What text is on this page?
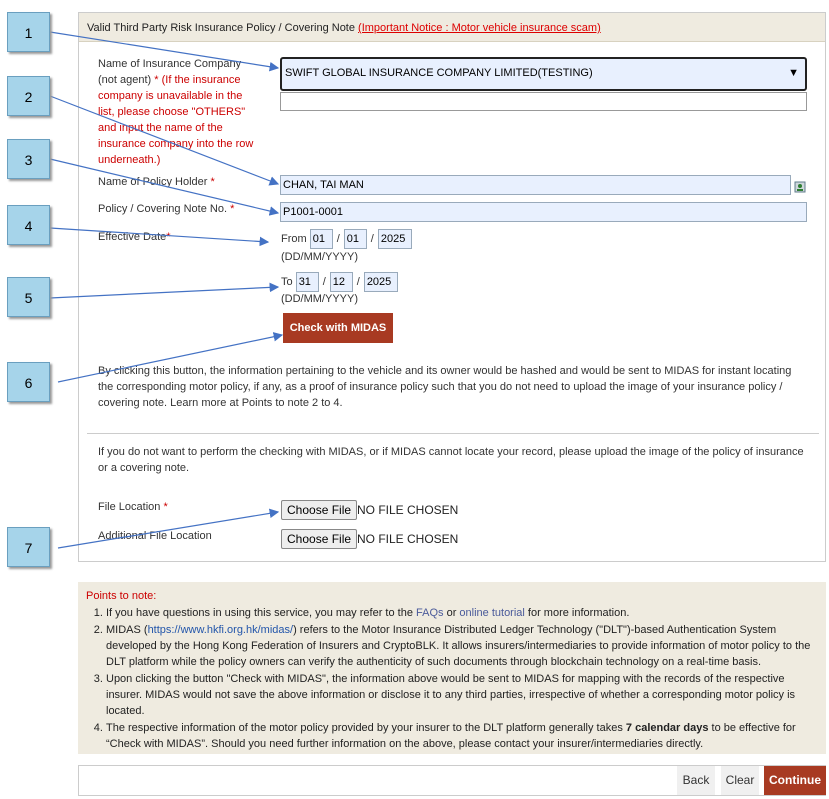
Valid Third Party Risk Insurance Policy / Covering Note (Important Notice : Motor vehicle insurance scam)
Name of Insurance Company
(not agent) * (If the insurance company is unavailable in the list, please choose "OTHERS" and input the name of the insurance company into the row underneath.)
SWIFT GLOBAL INSURANCE COMPANY LIMITED(TESTING)	▼
Name of Policy Holder *	CHAN, TAI MAN
Policy / Covering Note No. *	P1001-0001
Effective Date*	From 01 / 01 / 2025
(DD/MM/YYYY)
To 31 / 12 / 2025
(DD/MM/YYYY)
Check with MIDAS
By clicking this button, the information pertaining to the vehicle and its owner would be hashed and would be sent to MIDAS for instant locating the corresponding motor policy, if any, as a proof of insurance policy such that you do not need to upload the image of your insurance policy / covering note. Learn more at Points to note 2 to 4.
If you do not want to perform the checking with MIDAS, or if MIDAS cannot locate your record, please upload the image of the policy of insurance or a covering note.
File Location *	Choose File NO FILE CHOSEN
Additional File Location	Choose File NO FILE CHOSEN
Points to note:
1. If you have questions in using this service, you may refer to the FAQs or online tutorial for more information.
2. MIDAS (https://www.hkfi.org.hk/midas/) refers to the Motor Insurance Distributed Ledger Technology ("DLT")-based Authentication System developed by the Hong Kong Federation of Insurers and CryptoBLK. It allows insurers/intermediaries to provide information of motor policy to the DLT platform while the policy owners can verify the authenticity of such documents through blockchain technology on a real-time basis.
3. Upon clicking the button "Check with MIDAS", the information above would be sent to MIDAS for mapping with the records of the respective insurer. MIDAS would not save the above information or disclose it to any third parties, irrespective of whether a corresponding motor policy is located.
4. The respective information of the motor policy provided by your insurer to the DLT platform generally takes 7 calendar days to be effective for “Check with MIDAS”. Should you need further information on the above, please contact your insurer/intermediaries directly.
Back	Clear	Continue
1
2
3
4
5
6
7
